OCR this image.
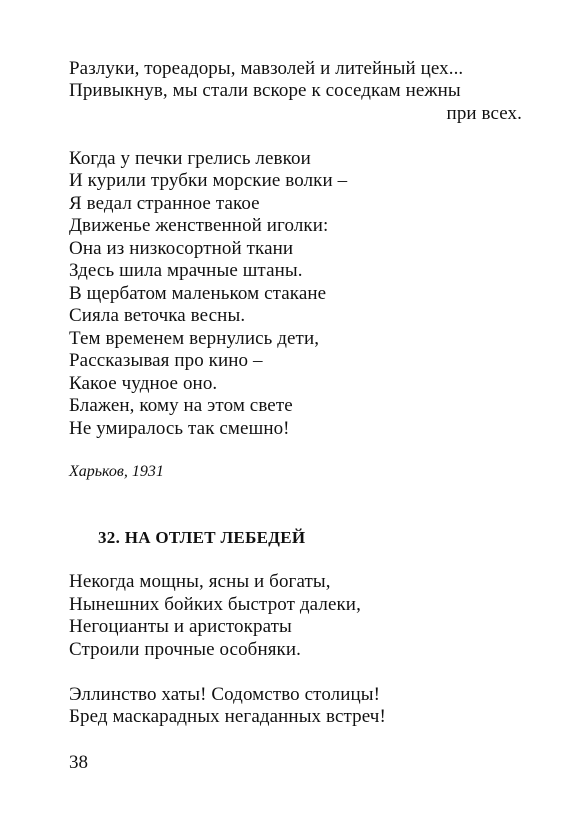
Разлуки, тореадоры, мавзолей и литейный цех...
Привыкнув, мы стали вскоре к соседкам нежны
при всех.
Когда у печки грелись левкои
И курили трубки морские волки –
Я ведал странное такое
Движенье женственной иголки:
Она из низкосортной ткани
Здесь шила мрачные штаны.
В щербатом маленьком стакане
Сияла веточка весны.
Тем временем вернулись дети,
Рассказывая про кино –
Какое чудное оно.
Блажен, кому на этом свете
Не умиралось так смешно!
Харьков, 1931
32. НА ОТЛЕТ ЛЕБЕДЕЙ
Некогда мощны, ясны и богаты,
Нынешних бойких быстрот далеки,
Негоцианты и аристократы
Строили прочные особняки.
Эллинство хаты! Содомство столицы!
Бред маскарадных негаданных встреч!
38
